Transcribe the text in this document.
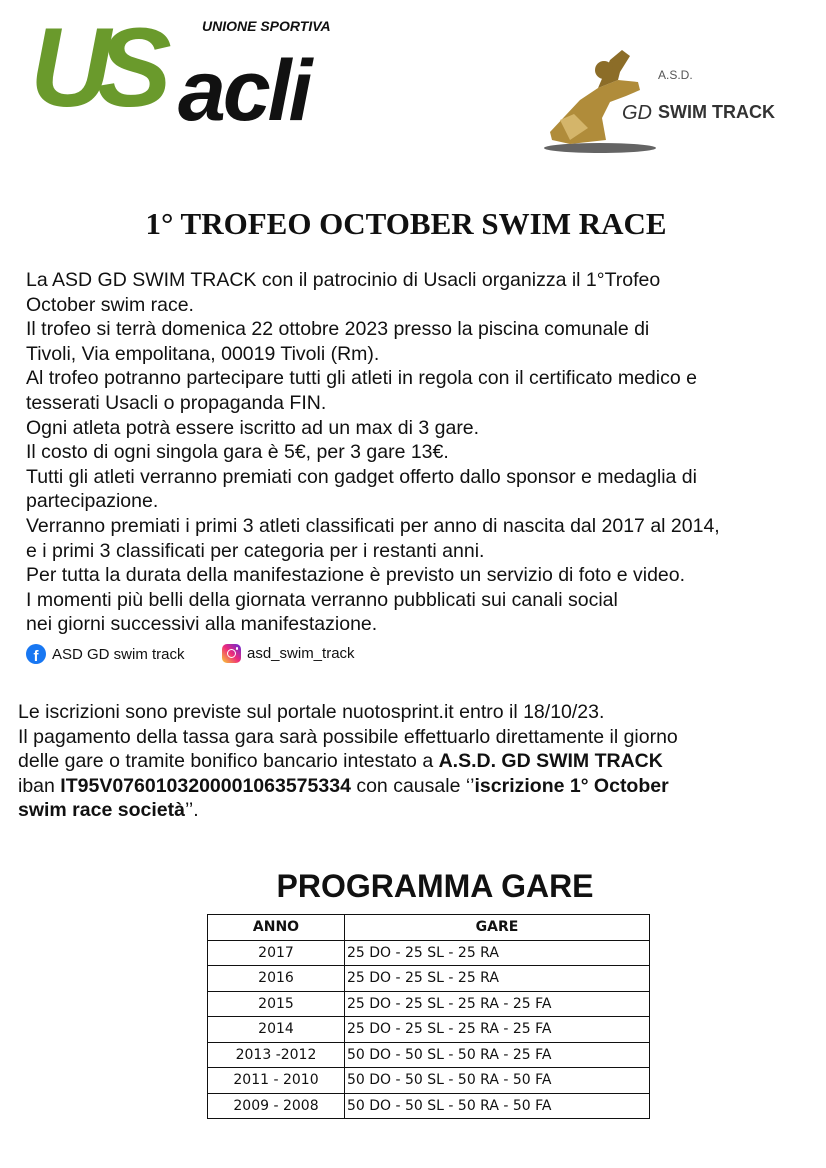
US acli
UNIONE SPORTIVA
A.S.D.
GD SWIM TRACK
1° TROFEO OCTOBER SWIM RACE
La ASD GD SWIM TRACK con il patrocinio di Usacli organizza il 1°Trofeo
October swim race.
Il trofeo si terrà domenica 22 ottobre 2023 presso la piscina comunale di
Tivoli, Via empolitana, 00019 Tivoli (Rm).
Al trofeo potranno partecipare tutti gli atleti in regola con il certificato medico e
tesserati Usacli o propaganda FIN.
Ogni atleta potrà essere iscritto ad un max di 3 gare.
Il costo di ogni singola gara è 5€, per 3 gare 13€.
Tutti gli atleti verranno premiati con gadget offerto dallo sponsor e medaglia di
partecipazione.
Verranno premiati i primi 3 atleti classificati per anno di nascita dal 2017 al 2014,
e i primi 3 classificati per categoria per i restanti anni.
Per tutta la durata della manifestazione è previsto un servizio di foto e video.
I momenti più belli della giornata verranno pubblicati sui canali social
nei giorni successivi alla manifestazione.
f ASD GD swim track	asd_swim_track
Le iscrizioni sono previste sul portale nuotosprint.it entro il 18/10/23.
Il pagamento della tassa gara sarà possibile effettuarlo direttamente il giorno
delle gare o tramite bonifico bancario intestato a A.S.D. GD SWIM TRACK
iban IT95V0760103200001063575334 con causale ‘’iscrizione 1° October
swim race società’’.
PROGRAMMA GARE
ANNO	GARE
2017	25 DO - 25 SL - 25 RA
2016	25 DO - 25 SL - 25 RA
2015	25 DO - 25 SL - 25 RA - 25 FA
2014	25 DO - 25 SL - 25 RA - 25 FA
2013 -2012	50 DO - 50 SL - 50 RA - 25 FA
2011 - 2010	50 DO - 50 SL - 50 RA - 50 FA
2009 - 2008	50 DO - 50 SL - 50 RA - 50 FA
